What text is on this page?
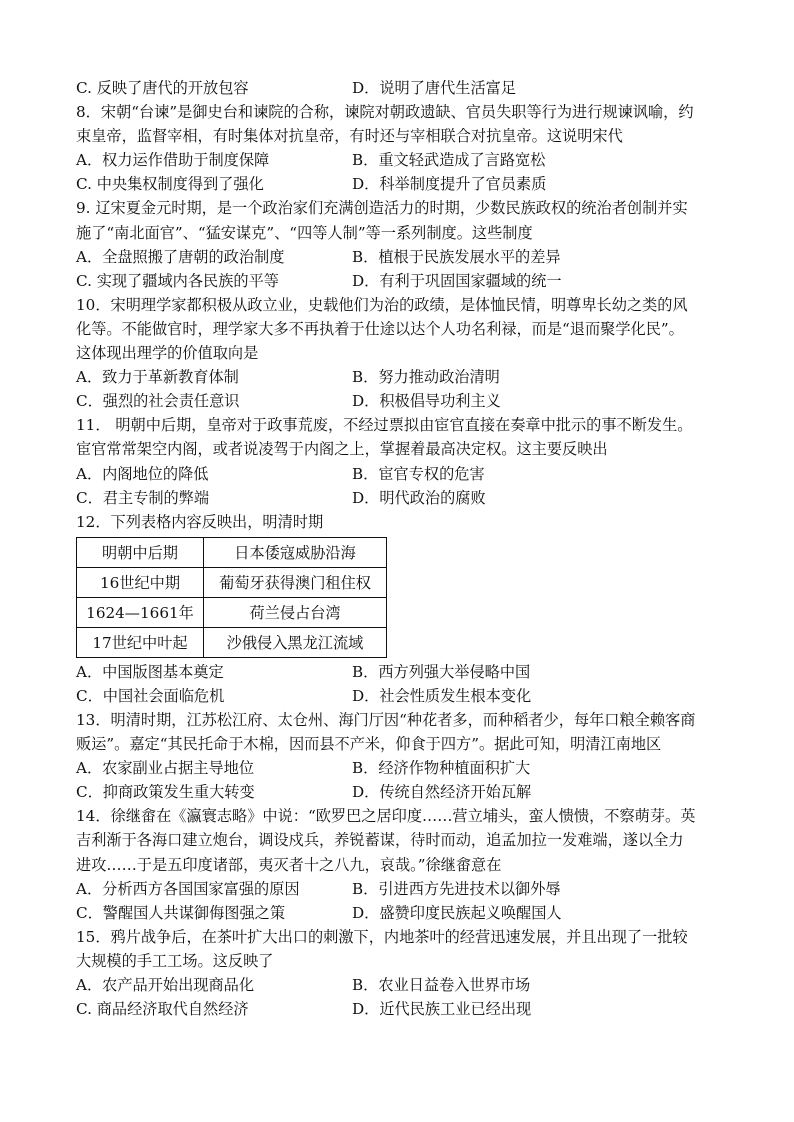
C. 反映了唐代的开放包容	D．说明了唐代生活富足
8．宋朝“台谏”是御史台和谏院的合称，谏院对朝政遗缺、官员失职等行为进行规谏讽喻，约
束皇帝，监督宰相，有时集体对抗皇帝，有时还与宰相联合对抗皇帝。这说明宋代
A．权力运作借助于制度保障	B．重文轻武造成了言路宽松
C. 中央集权制度得到了强化	D．科举制度提升了官员素质
9. 辽宋夏金元时期，是一个政治家们充满创造活力的时期，少数民族政权的统治者创制并实
施了“南北面官”、“猛安谋克”、“四等人制”等一系列制度。这些制度
A．全盘照搬了唐朝的政治制度	B．植根于民族发展水平的差异
C. 实现了疆域内各民族的平等	D．有利于巩固国家疆域的统一
10．宋明理学家都积极从政立业，史载他们为治的政绩，是体恤民情，明尊卑长幼之类的风
化等。不能做官时，理学家大多不再执着于仕途以达个人功名利禄，而是“退而聚学化民”。
这体现出理学的价值取向是
A．致力于革新教育体制	B．努力推动政治清明
C．强烈的社会责任意识	D．积极倡导功利主义
11． 明朝中后期，皇帝对于政事荒废，不经过票拟由宦官直接在奏章中批示的事不断发生。
宦官常常架空内阁，或者说凌驾于内阁之上，掌握着最高决定权。这主要反映出
A．内阁地位的降低	B．宦官专权的危害
C．君主专制的弊端	D．明代政治的腐败
12．下列表格内容反映出，明清时期
明朝中后期	日本倭寇威胁沿海
16世纪中期	葡萄牙获得澳门租住权
1624—1661年	荷兰侵占台湾
17世纪中叶起	沙俄侵入黑龙江流域
A．中国版图基本奠定	B．西方列强大举侵略中国
C．中国社会面临危机	D．社会性质发生根本变化
13．明清时期，江苏松江府、太仓州、海门厅因“种花者多，而种稻者少，每年口粮全赖客商
贩运”。嘉定“其民托命于木棉，因而县不产米，仰食于四方”。据此可知，明清江南地区
A．农家副业占据主导地位	B．经济作物种植面积扩大
C．抑商政策发生重大转变	D．传统自然经济开始瓦解
14．徐继畲在《瀛寰志略》中说：“欧罗巴之居印度……营立埔头，蛮人愦愦，不察萌芽。英
吉利渐于各海口建立炮台，调设戍兵，养锐蓄谋，待时而动，追孟加拉一发难端，遂以全力
进攻……于是五印度诸部，夷灭者十之八九，哀哉。”徐继畲意在
A．分析西方各国国家富强的原因	B．引进西方先进技术以御外辱
C．警醒国人共谋御侮图强之策	D．盛赞印度民族起义唤醒国人
15．鸦片战争后，在茶叶扩大出口的刺激下，内地茶叶的经营迅速发展，并且出现了一批较
大规模的手工工场。这反映了
A．农产品开始出现商品化	B．农业日益卷入世界市场
C. 商品经济取代自然经济	D．近代民族工业已经出现
